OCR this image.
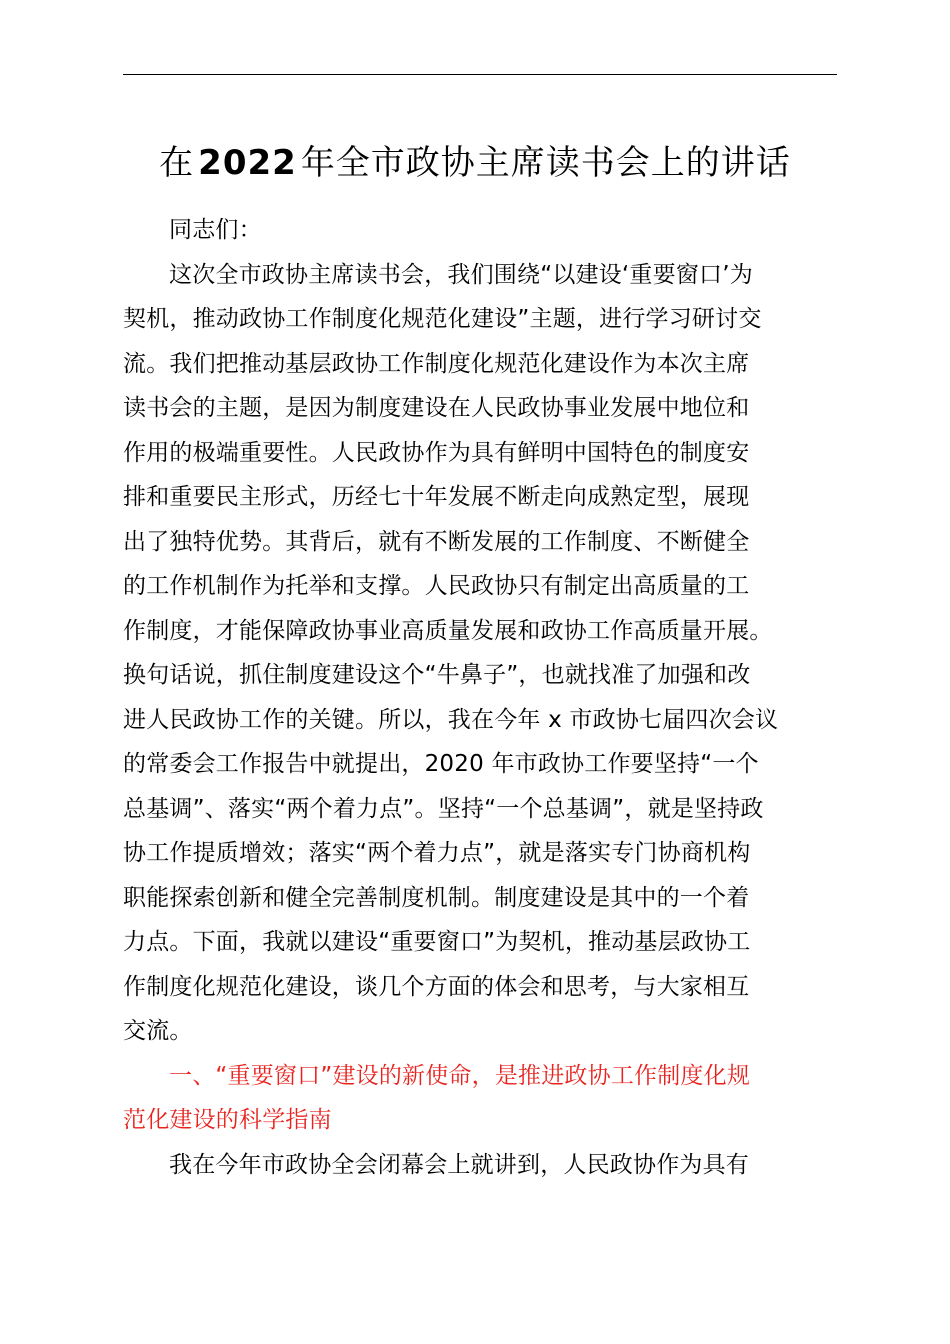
在 2022 年全市政协主席读书会上的讲话

同志们：

这次全市政协主席读书会，我们围绕“以建设‘重要窗口’为
契机，推动政协工作制度化规范化建设”主题，进行学习研讨交
流。我们把推动基层政协工作制度化规范化建设作为本次主席
读书会的主题，是因为制度建设在人民政协事业发展中地位和
作用的极端重要性。人民政协作为具有鲜明中国特色的制度安
排和重要民主形式，历经七十年发展不断走向成熟定型，展现
出了独特优势。其背后，就有不断发展的工作制度、不断健全
的工作机制作为托举和支撑。人民政协只有制定出高质量的工
作制度，才能保障政协事业高质量发展和政协工作高质量开展。
换句话说，抓住制度建设这个“牛鼻子”，也就找准了加强和改
进人民政协工作的关键。所以，我在今年 x 市政协七届四次会议
的常委会工作报告中就提出，2020 年市政协工作要坚持“一个
总基调”、落实“两个着力点”。坚持“一个总基调”，就是坚持政
协工作提质增效；落实“两个着力点”，就是落实专门协商机构
职能探索创新和健全完善制度机制。制度建设是其中的一个着
力点。下面，我就以建设“重要窗口”为契机，推动基层政协工
作制度化规范化建设，谈几个方面的体会和思考，与大家相互
交流。

一、“重要窗口”建设的新使命，是推进政协工作制度化规
范化建设的科学指南

我在今年市政协全会闭幕会上就讲到，人民政协作为具有
